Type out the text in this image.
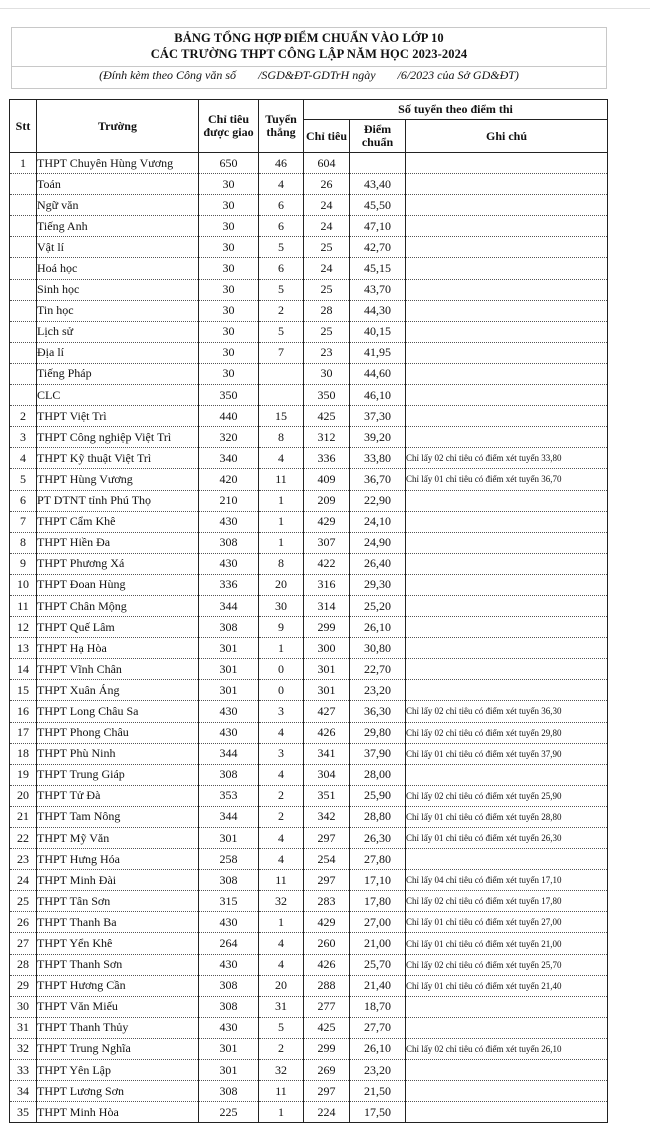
BẢNG TỔNG HỢP ĐIỂM CHUẨN VÀO LỚP 10
CÁC TRƯỜNG THPT CÔNG LẬP NĂM HỌC 2023-2024
(Đính kèm theo Công văn số /SGD&ĐT-GDTrH ngày /6/2023 của Sở GD&ĐT)
Stt	Trường	Chỉ tiêu được giao	Tuyển thẳng	Số tuyển theo điểm thi		
				Chỉ tiêu	Điểm chuẩn	Ghi chú
1	THPT Chuyên Hùng Vương	650	46	604		
	Toán	30	4	26	43,40	
	Ngữ văn	30	6	24	45,50	
	Tiếng Anh	30	6	24	47,10	
	Vật lí	30	5	25	42,70	
	Hoá học	30	6	24	45,15	
	Sinh học	30	5	25	43,70	
	Tin học	30	2	28	44,30	
	Lịch sử	30	5	25	40,15	
	Địa lí	30	7	23	41,95	
	Tiếng Pháp	30		30	44,60	
	CLC	350		350	46,10	
2	THPT Việt Trì	440	15	425	37,30	
3	THPT Công nghiệp Việt Trì	320	8	312	39,20	
4	THPT Kỹ thuật Việt Trì	340	4	336	33,80	Chỉ lấy 02 chỉ tiêu có điểm xét tuyển 33,80
5	THPT Hùng Vương	420	11	409	36,70	Chỉ lấy 01 chỉ tiêu có điểm xét tuyển 36,70
6	PT DTNT tỉnh Phú Thọ	210	1	209	22,90	
7	THPT Cẩm Khê	430	1	429	24,10	
8	THPT Hiền Đa	308	1	307	24,90	
9	THPT Phương Xá	430	8	422	26,40	
10	THPT Đoan Hùng	336	20	316	29,30	
11	THPT Chân Mộng	344	30	314	25,20	
12	THPT Quế Lâm	308	9	299	26,10	
13	THPT Hạ Hòa	301	1	300	30,80	
14	THPT Vĩnh Chân	301	0	301	22,70	
15	THPT Xuân Áng	301	0	301	23,20	
16	THPT Long Châu Sa	430	3	427	36,30	Chỉ lấy 02 chỉ tiêu có điểm xét tuyển 36,30
17	THPT Phong Châu	430	4	426	29,80	Chỉ lấy 02 chỉ tiêu có điểm xét tuyển 29,80
18	THPT Phù Ninh	344	3	341	37,90	Chỉ lấy 01 chỉ tiêu có điểm xét tuyển 37,90
19	THPT Trung Giáp	308	4	304	28,00	
20	THPT Tử Đà	353	2	351	25,90	Chỉ lấy 02 chỉ tiêu có điểm xét tuyển 25,90
21	THPT Tam Nông	344	2	342	28,80	Chỉ lấy 01 chỉ tiêu có điểm xét tuyển 28,80
22	THPT Mỹ Văn	301	4	297	26,30	Chỉ lấy 01 chỉ tiêu có điểm xét tuyển 26,30
23	THPT Hưng Hóa	258	4	254	27,80	
24	THPT Minh Đài	308	11	297	17,10	Chỉ lấy 04 chỉ tiêu có điểm xét tuyển 17,10
25	THPT Tân Sơn	315	32	283	17,80	Chỉ lấy 02 chỉ tiêu có điểm xét tuyển 17,80
26	THPT Thanh Ba	430	1	429	27,00	Chỉ lấy 01 chỉ tiêu có điểm xét tuyển 27,00
27	THPT Yển Khê	264	4	260	21,00	Chỉ lấy 01 chỉ tiêu có điểm xét tuyển 21,00
28	THPT Thanh Sơn	430	4	426	25,70	Chỉ lấy 02 chỉ tiêu có điểm xét tuyển 25,70
29	THPT Hương Cần	308	20	288	21,40	Chỉ lấy 01 chỉ tiêu có điểm xét tuyển 21,40
30	THPT Văn Miếu	308	31	277	18,70	
31	THPT Thanh Thủy	430	5	425	27,70	
32	THPT Trung Nghĩa	301	2	299	26,10	Chỉ lấy 02 chỉ tiêu có điểm xét tuyển 26,10
33	THPT Yên Lập	301	32	269	23,20	
34	THPT Lương Sơn	308	11	297	21,50	
35	THPT Minh Hòa	225	1	224	17,50	
